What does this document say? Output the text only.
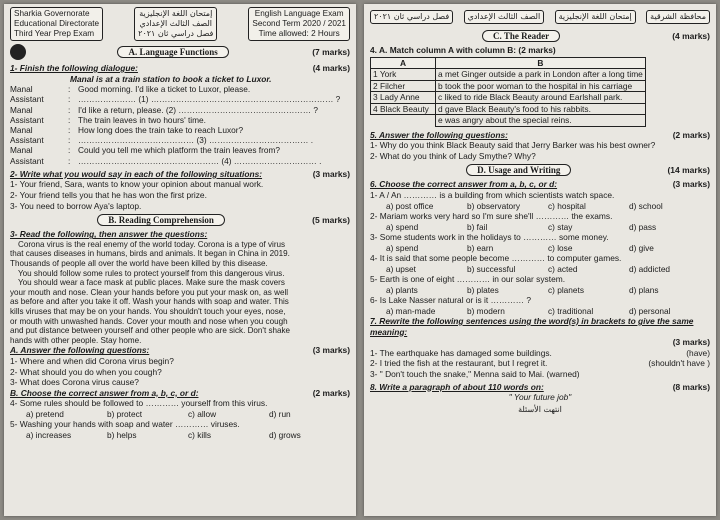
Sharkia Governorate
Educational Directorate
Third Year Prep Exam
إمتحان اللغة الإنجليزية
الصف الثالث الإعدادي
فصل دراسي ثان ٢٠٢١
English Language Exam
Second Term 2020 / 2021
Time allowed: 2 Hours
A. Language Functions	(7 marks)
1- Finish the following dialogue:	(4 marks)
Manal is at a train station to book a ticket to Luxor.
Manal	: Good morning. I'd like a ticket to Luxor, please.
Assistant	: ………………… (1) ………………………………………………………… ?
Manal	: I'd like a return, please. (2) ………………………………………… ?
Assistant	: The train leaves in two hours' time.
Manal	: How long does the train take to reach Luxor?
Assistant	: …………………………………… (3) ……………………………… .
Manal	: Could you tell me which platform the train leaves from?
Assistant	: …………………………………………… (4) ………………………… .
2- Write what you would say in each of the following situations:	(3 marks)
1- Your friend, Sara, wants to know your opinion about manual work.
2- Your friend tells you that he has won the first prize.
3- You need to borrow Aya's laptop.
B. Reading Comprehension	(5 marks)
3- Read the following, then answer the questions:
Corona virus is the real enemy of the world today. Corona is a type of virus
that causes diseases in humans, birds and animals. It began in China in 2019.
Thousands of people all over the world have been killed by this disease.
You should follow some rules to protect yourself from this dangerous virus.
You should wear a face mask at public places. Make sure the mask covers
your mouth and nose. Clean your hands before you put your mask on, as well
as before and after you take it off. Wash your hands with soap and water. This
kills viruses that may be on your hands. You shouldn't touch your eyes, nose,
or mouth with unwashed hands. Cover your mouth and nose when you cough
and put distance between yourself and other people who are sick. Don't shake
hands with other people. Stay home.
A. Answer the following questions:	(3 marks)
1- Where and when did Corona virus begin?
2- What should you do when you cough?
3- What does Corona virus cause?
B. Choose the correct answer from a, b, c, or d:	(2 marks)
4- Some rules should be followed to ………… yourself from this virus.
a) pretend	b) protect	c) allow	d) run
5- Washing your hands with soap and water ………… viruses.
a) increases	b) helps	c) kills	d) grows
فصل دراسي ثان ٢٠٢١	الصف الثالث الإعدادي	إمتحان اللغة الإنجليزية	محافظة الشرقية
C. The Reader	(4 marks)
4. A. Match column A with column B: (2 marks)
A	B
1 York	a met Ginger outside a park in London after a long time
2 Filcher	b took the poor woman to the hospital in his carriage
3 Lady Anne	c liked to ride Black Beauty around Earlshall park.
4 Black Beauty	d gave Black Beauty's food to his rabbits.
	e was angry about the special reins.
5. Answer the following questions:	(2 marks)
1- Why do you think Black Beauty said that Jerry Barker was his best owner?
2- What do you think of Lady Smythe? Why?
D. Usage and Writing	(14 marks)
6. Choose the correct answer from a, b, c, or d:	(3 marks)
1- A / An ………… is a building from which scientists watch space.
a) post office	b) observatory	c) hospital	d) school
2- Mariam works very hard so I'm sure she'll ………… the exams.
a) spend	b) fail	c) stay	d) pass
3- Some students work in the holidays to ………… some money.
a) spend	b) earn	c) lose	d) give
4- It is said that some people become ………… to computer games.
a) upset	b) successful	c) acted	d) addicted
5- Earth is one of eight ………… in our solar system.
a) plants	b) plates	c) planets	d) plans
6- Is Lake Nasser natural or is it ………… ?
a) man-made	b) modern	c) traditional	d) personal
7. Rewrite the following sentences using the word(s) in brackets to give the same meaning:
(3 marks)
1- The earthquake has damaged some buildings.	(have)
2- I tried the fish at the restaurant, but I regret it.	(shouldn't have )
3- " Don't touch the snake," Menna said to Mai. (warned)
8. Write a paragraph of about 110 words on:	(8 marks)
" Your future job"
انتهت الأسئلة
